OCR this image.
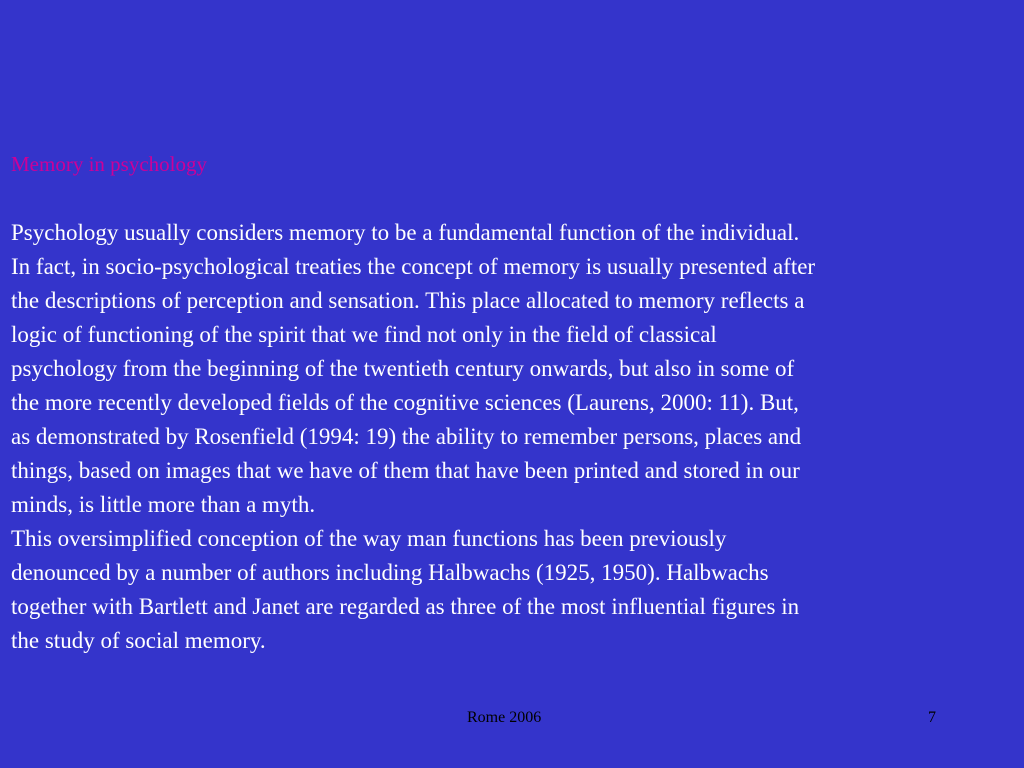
Memory in psychology

Psychology usually considers memory to be a fundamental function of the individual.
In fact, in socio-psychological treaties the concept of memory is usually presented after
the descriptions of perception and sensation. This place allocated to memory reflects a
logic of functioning of the spirit that we find not only in the field of classical
psychology from the beginning of the twentieth century onwards, but also in some of
the more recently developed fields of the cognitive sciences (Laurens, 2000: 11). But,
as demonstrated by Rosenfield (1994: 19) the ability to remember persons, places and
things, based on images that we have of them that have been printed and stored in our
minds, is little more than a myth.

This oversimplified conception of the way man functions has been previously
denounced by a number of authors including Halbwachs (1925, 1950). Halbwachs
together with Bartlett and Janet are regarded as three of the most influential figures in
the study of social memory.

Rome 2006	7
